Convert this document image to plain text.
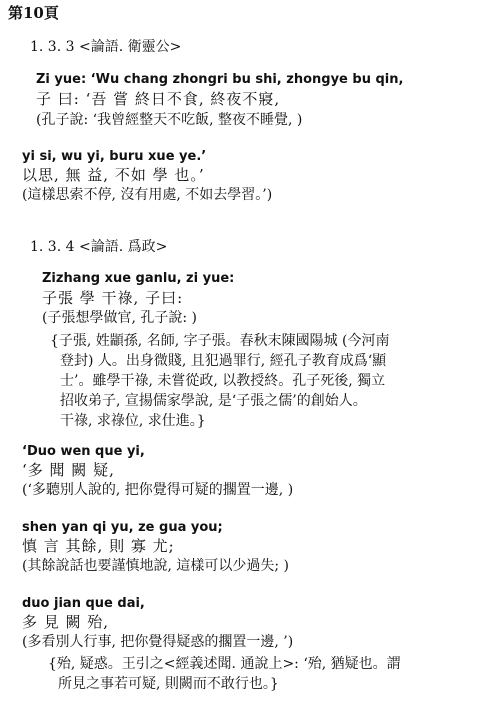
第10頁
1. 3. 3 <論語. 衛靈公>
Zi yue: ‘Wu chang zhongri bu shi, zhongye bu qin,
子 曰: ‘吾 嘗 終日不食, 終夜不寢,
(孔子說: ‘我曾經整天不吃飯, 整夜不睡覺, )
yi si, wu yi, buru xue ye.’
以思, 無 益, 不如 學 也。’
(這樣思索不停, 沒有用處, 不如去學習。’)
1. 3. 4 <論語. 爲政>
Zizhang xue ganlu, zi yue:
子張 學 干祿, 子曰:
(子張想學做官, 孔子說: )
{子張, 姓顓孫, 名師, 字子張。春秋末陳國陽城 (今河南
登封) 人。出身微賤, 且犯過罪行, 經孔子教育成爲‘顯
士’。雖學干祿, 未嘗從政, 以教授終。孔子死後, 獨立
招收弟子, 宣揚儒家學說, 是‘子張之儒’的創始人。
干祿, 求祿位, 求仕進。}
‘Duo wen que yi,
‘多 聞 闕 疑,
(‘多聽別人說的, 把你覺得可疑的擱置一邊, )
shen yan qi yu, ze gua you;
慎 言 其餘, 則 寡 尤;
(其餘說話也要謹慎地說, 這樣可以少過失; )
duo jian que dai,
多 見 闕 殆,
(多看別人行事, 把你覺得疑惑的擱置一邊, ’)
{殆, 疑惑。王引之<經義述聞. 通說上>: ‘殆, 猶疑也。謂
所見之事若可疑, 則闕而不敢行也。}
